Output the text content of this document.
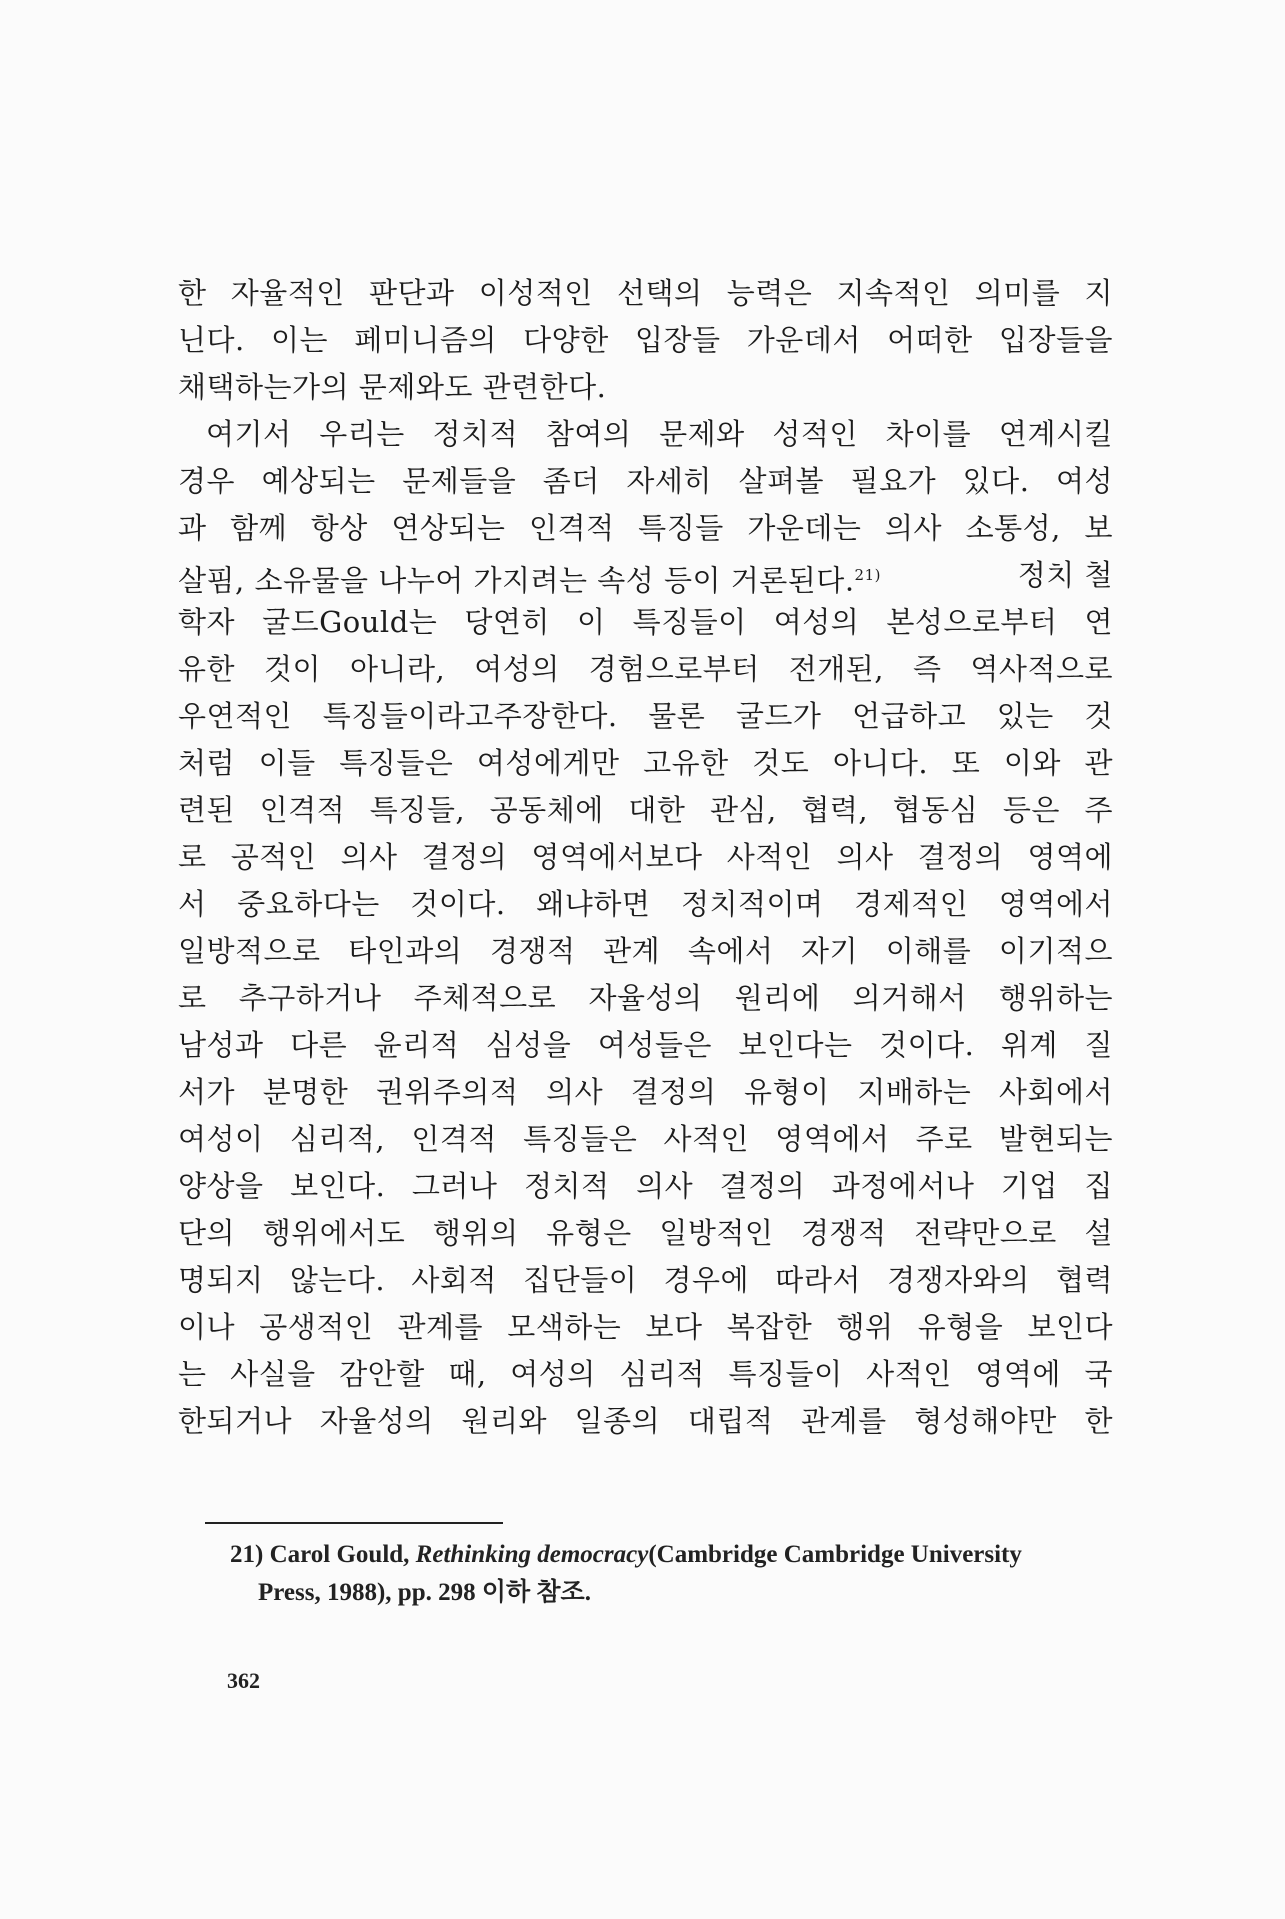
한 자율적인 판단과 이성적인 선택의 능력은 지속적인 의미를 지
닌다. 이는 페미니즘의 다양한 입장들 가운데서 어떠한 입장들을
채택하는가의 문제와도 관련한다.
여기서 우리는 정치적 참여의 문제와 성적인 차이를 연계시킬
경우 예상되는 문제들을 좀더 자세히 살펴볼 필요가 있다. 여성
과 함께 항상 연상되는 인격적 특징들 가운데는 의사 소통성, 보
살핌, 소유물을 나누어 가지려는 속성 등이 거론된다.$^{21)}$	정치 철
학자 굴드Gould는 당연히 이 특징들이 여성의 본성으로부터 연
유한 것이 아니라, 여성의 경험으로부터 전개된, 즉 역사적으로
우연적인 특징들이라고주장한다. 물론 굴드가 언급하고 있는 것
처럼 이들 특징들은 여성에게만 고유한 것도 아니다. 또 이와 관
련된 인격적 특징들, 공동체에 대한 관심, 협력, 협동심 등은 주
로 공적인 의사 결정의 영역에서보다 사적인 의사 결정의 영역에
서 중요하다는 것이다. 왜냐하면 정치적이며 경제적인 영역에서
일방적으로 타인과의 경쟁적 관계 속에서 자기 이해를 이기적으
로 추구하거나 주체적으로 자율성의 원리에 의거해서 행위하는
남성과 다른 윤리적 심성을 여성들은 보인다는 것이다. 위계 질
서가 분명한 권위주의적 의사 결정의 유형이 지배하는 사회에서
여성이 심리적, 인격적 특징들은 사적인 영역에서 주로 발현되는
양상을 보인다. 그러나 정치적 의사 결정의 과정에서나 기업 집
단의 행위에서도 행위의 유형은 일방적인 경쟁적 전략만으로 설
명되지 않는다. 사회적 집단들이 경우에 따라서 경쟁자와의 협력
이나 공생적인 관계를 모색하는 보다 복잡한 행위 유형을 보인다
는 사실을 감안할 때, 여성의 심리적 특징들이 사적인 영역에 국
한되거나 자율성의 원리와 일종의 대립적 관계를 형성해야만 한
21) Carol Gould, Rethinking democracy(Cambridge Cambridge University
Press, 1988), pp. 298 이하 참조.
362
